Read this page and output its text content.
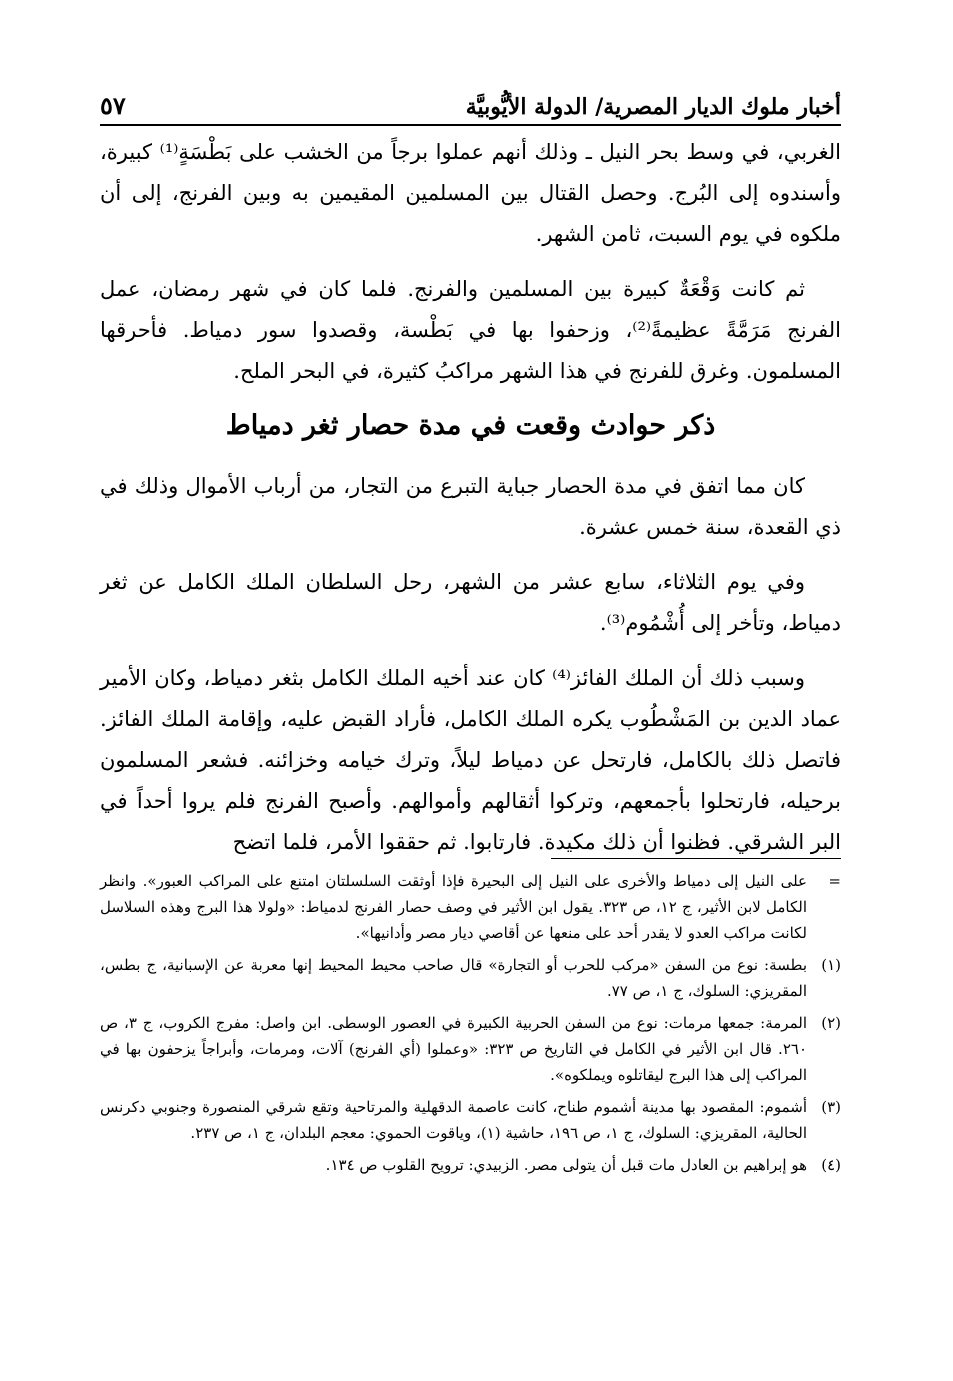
أخبار ملوك الديار المصرية/ الدولة الأيُّوبيَّة
٥٧

الغربي، في وسط بحر النيل ـ وذلك أنهم عملوا برجاً من الخشب على بَطْسَةٍ⁽¹⁾ كبيرة، وأسندوه إلى البُرج. وحصل القتال بين المسلمين المقيمين به وبين الفرنج، إلى أن ملكوه في يوم السبت، ثامن الشهر.

ثم كانت وَقْعَةٌ كبيرة بين المسلمين والفرنج. فلما كان في شهر رمضان، عمل الفرنج مَرَمَّةً عظيمةً⁽²⁾، وزحفوا بها في بَطْسة، وقصدوا سور دمياط. فأحرقها المسلمون. وغرق للفرنج في هذا الشهر مراكبُ كثيرة، في البحر الملح.

ذكر حوادث وقعت في مدة حصار ثغر دمياط

كان مما اتفق في مدة الحصار جباية التبرع من التجار، من أرباب الأموال وذلك في ذي القعدة، سنة خمس عشرة.

وفي يوم الثلاثاء، سابع عشر من الشهر، رحل السلطان الملك الكامل عن ثغر دمياط، وتأخر إلى أُشْمُوم⁽³⁾.

وسبب ذلك أن الملك الفائز⁽⁴⁾ كان عند أخيه الملك الكامل بثغر دمياط، وكان الأمير عماد الدين بن المَشْطُوب يكره الملك الكامل، فأراد القبض عليه، وإقامة الملك الفائز. فاتصل ذلك بالكامل، فارتحل عن دمياط ليلاً، وترك خيامه وخزائنه. فشعر المسلمون برحيله، فارتحلوا بأجمعهم، وتركوا أثقالهم وأموالهم. وأصبح الفرنج فلم يروا أحداً في البر الشرقي. فظنوا أن ذلك مكيدة. فارتابوا. ثم حققوا الأمر، فلما اتضح

=
على النيل إلى دمياط والأخرى على النيل إلى البحيرة فإذا أوثقت السلسلتان امتنع على المراكب العبور». وانظر الكامل لابن الأثير، ج ١٢، ص ٣٢٣. يقول ابن الأثير في وصف حصار الفرنج لدمياط: «ولولا هذا البرج وهذه السلاسل لكانت مراكب العدو لا يقدر أحد على منعها عن أقاصي ديار مصر وأدانيها».
(١)
بطسة: نوع من السفن «مركب للحرب أو التجارة» قال صاحب محيط المحيط إنها معربة عن الإسبانية، ج بطس، المقريزي: السلوك، ج ١، ص ٧٧.
(٢)
المرمة: جمعها مرمات: نوع من السفن الحربية الكبيرة في العصور الوسطى. ابن واصل: مفرج الكروب، ج ٣، ص ٢٦٠. قال ابن الأثير في الكامل في التاريخ ص ٣٢٣: «وعملوا (أي الفرنج) آلات، ومرمات، وأبراجاً يزحفون بها في المراكب إلى هذا البرج ليقاتلوه ويملكوه».
(٣)
أشموم: المقصود بها مدينة أشموم طناح، كانت عاصمة الدقهلية والمرتاحية وتقع شرقي المنصورة وجنوبي دكرنس الحالية، المقريزي: السلوك، ج ١، ص ١٩٦، حاشية (١)، وياقوت الحموي: معجم البلدان، ج ١، ص ٢٣٧.
(٤)
هو إبراهيم بن العادل مات قبل أن يتولى مصر. الزبيدي: ترويح القلوب ص ١٣٤.
